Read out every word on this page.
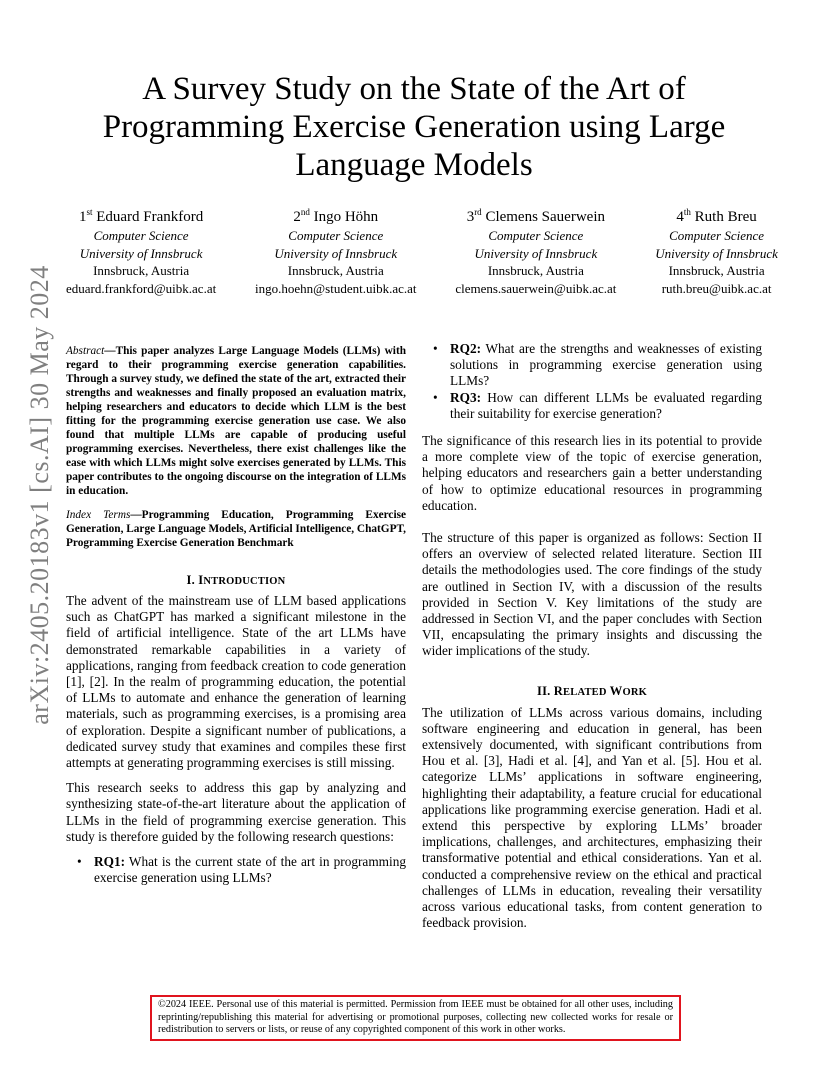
arXiv:2405.20183v1 [cs.AI] 30 May 2024
A Survey Study on the State of the Art of Programming Exercise Generation using Large Language Models
1st Eduard Frankford
Computer Science
University of Innsbruck
Innsbruck, Austria
eduard.frankford@uibk.ac.at
2nd Ingo Höhn
Computer Science
University of Innsbruck
Innsbruck, Austria
ingo.hoehn@student.uibk.ac.at
3rd Clemens Sauerwein
Computer Science
University of Innsbruck
Innsbruck, Austria
clemens.sauerwein@uibk.ac.at
4th Ruth Breu
Computer Science
University of Innsbruck
Innsbruck, Austria
ruth.breu@uibk.ac.at

Abstract—This paper analyzes Large Language Models (LLMs) with regard to their programming exercise generation capabilities. Through a survey study, we defined the state of the art, extracted their strengths and weaknesses and finally proposed an evaluation matrix, helping researchers and educators to decide which LLM is the best fitting for the programming exercise generation use case. We also found that multiple LLMs are capable of producing useful programming exercises. Nevertheless, there exist challenges like the ease with which LLMs might solve exercises generated by LLMs. This paper contributes to the ongoing discourse on the integration of LLMs in education.

Index Terms—Programming Education, Programming Exercise Generation, Large Language Models, Artificial Intelligence, ChatGPT, Programming Exercise Generation Benchmark

I. INTRODUCTION

The advent of the mainstream use of LLM based applications such as ChatGPT has marked a significant milestone in the field of artificial intelligence. State of the art LLMs have demonstrated remarkable capabilities in a variety of applications, ranging from feedback creation to code generation [1], [2]. In the realm of programming education, the potential of LLMs to automate and enhance the generation of learning materials, such as programming exercises, is a promising area of exploration. Despite a significant number of publications, a dedicated survey study that examines and compiles these first attempts at generating programming exercises is still missing.

This research seeks to address this gap by analyzing and synthesizing state-of-the-art literature about the application of LLMs in the field of programming exercise generation. This study is therefore guided by the following research questions:

• RQ1: What is the current state of the art in programming exercise generation using LLMs?
• RQ2: What are the strengths and weaknesses of existing solutions in programming exercise generation using LLMs?
• RQ3: How can different LLMs be evaluated regarding their suitability for exercise generation?

The significance of this research lies in its potential to provide a more complete view of the topic of exercise generation, helping educators and researchers gain a better understanding of how to optimize educational resources in programming education.

The structure of this paper is organized as follows: Section II offers an overview of selected related literature. Section III details the methodologies used. The core findings of the study are outlined in Section IV, with a discussion of the results provided in Section V. Key limitations of the study are addressed in Section VI, and the paper concludes with Section VII, encapsulating the primary insights and discussing the wider implications of the study.

II. RELATED WORK

The utilization of LLMs across various domains, including software engineering and education in general, has been extensively documented, with significant contributions from Hou et al. [3], Hadi et al. [4], and Yan et al. [5]. Hou et al. categorize LLMs’ applications in software engineering, highlighting their adaptability, a feature crucial for educational applications like programming exercise generation. Hadi et al. extend this perspective by exploring LLMs’ broader implications, challenges, and architectures, emphasizing their transformative potential and ethical considerations. Yan et al. conducted a comprehensive review on the ethical and practical challenges of LLMs in education, revealing their versatility across various educational tasks, from content generation to feedback provision.

©2024 IEEE. Personal use of this material is permitted. Permission from IEEE must be obtained for all other uses, including reprinting/republishing this material for advertising or promotional purposes, collecting new collected works for resale or redistribution to servers or lists, or reuse of any copyrighted component of this work in other works.
